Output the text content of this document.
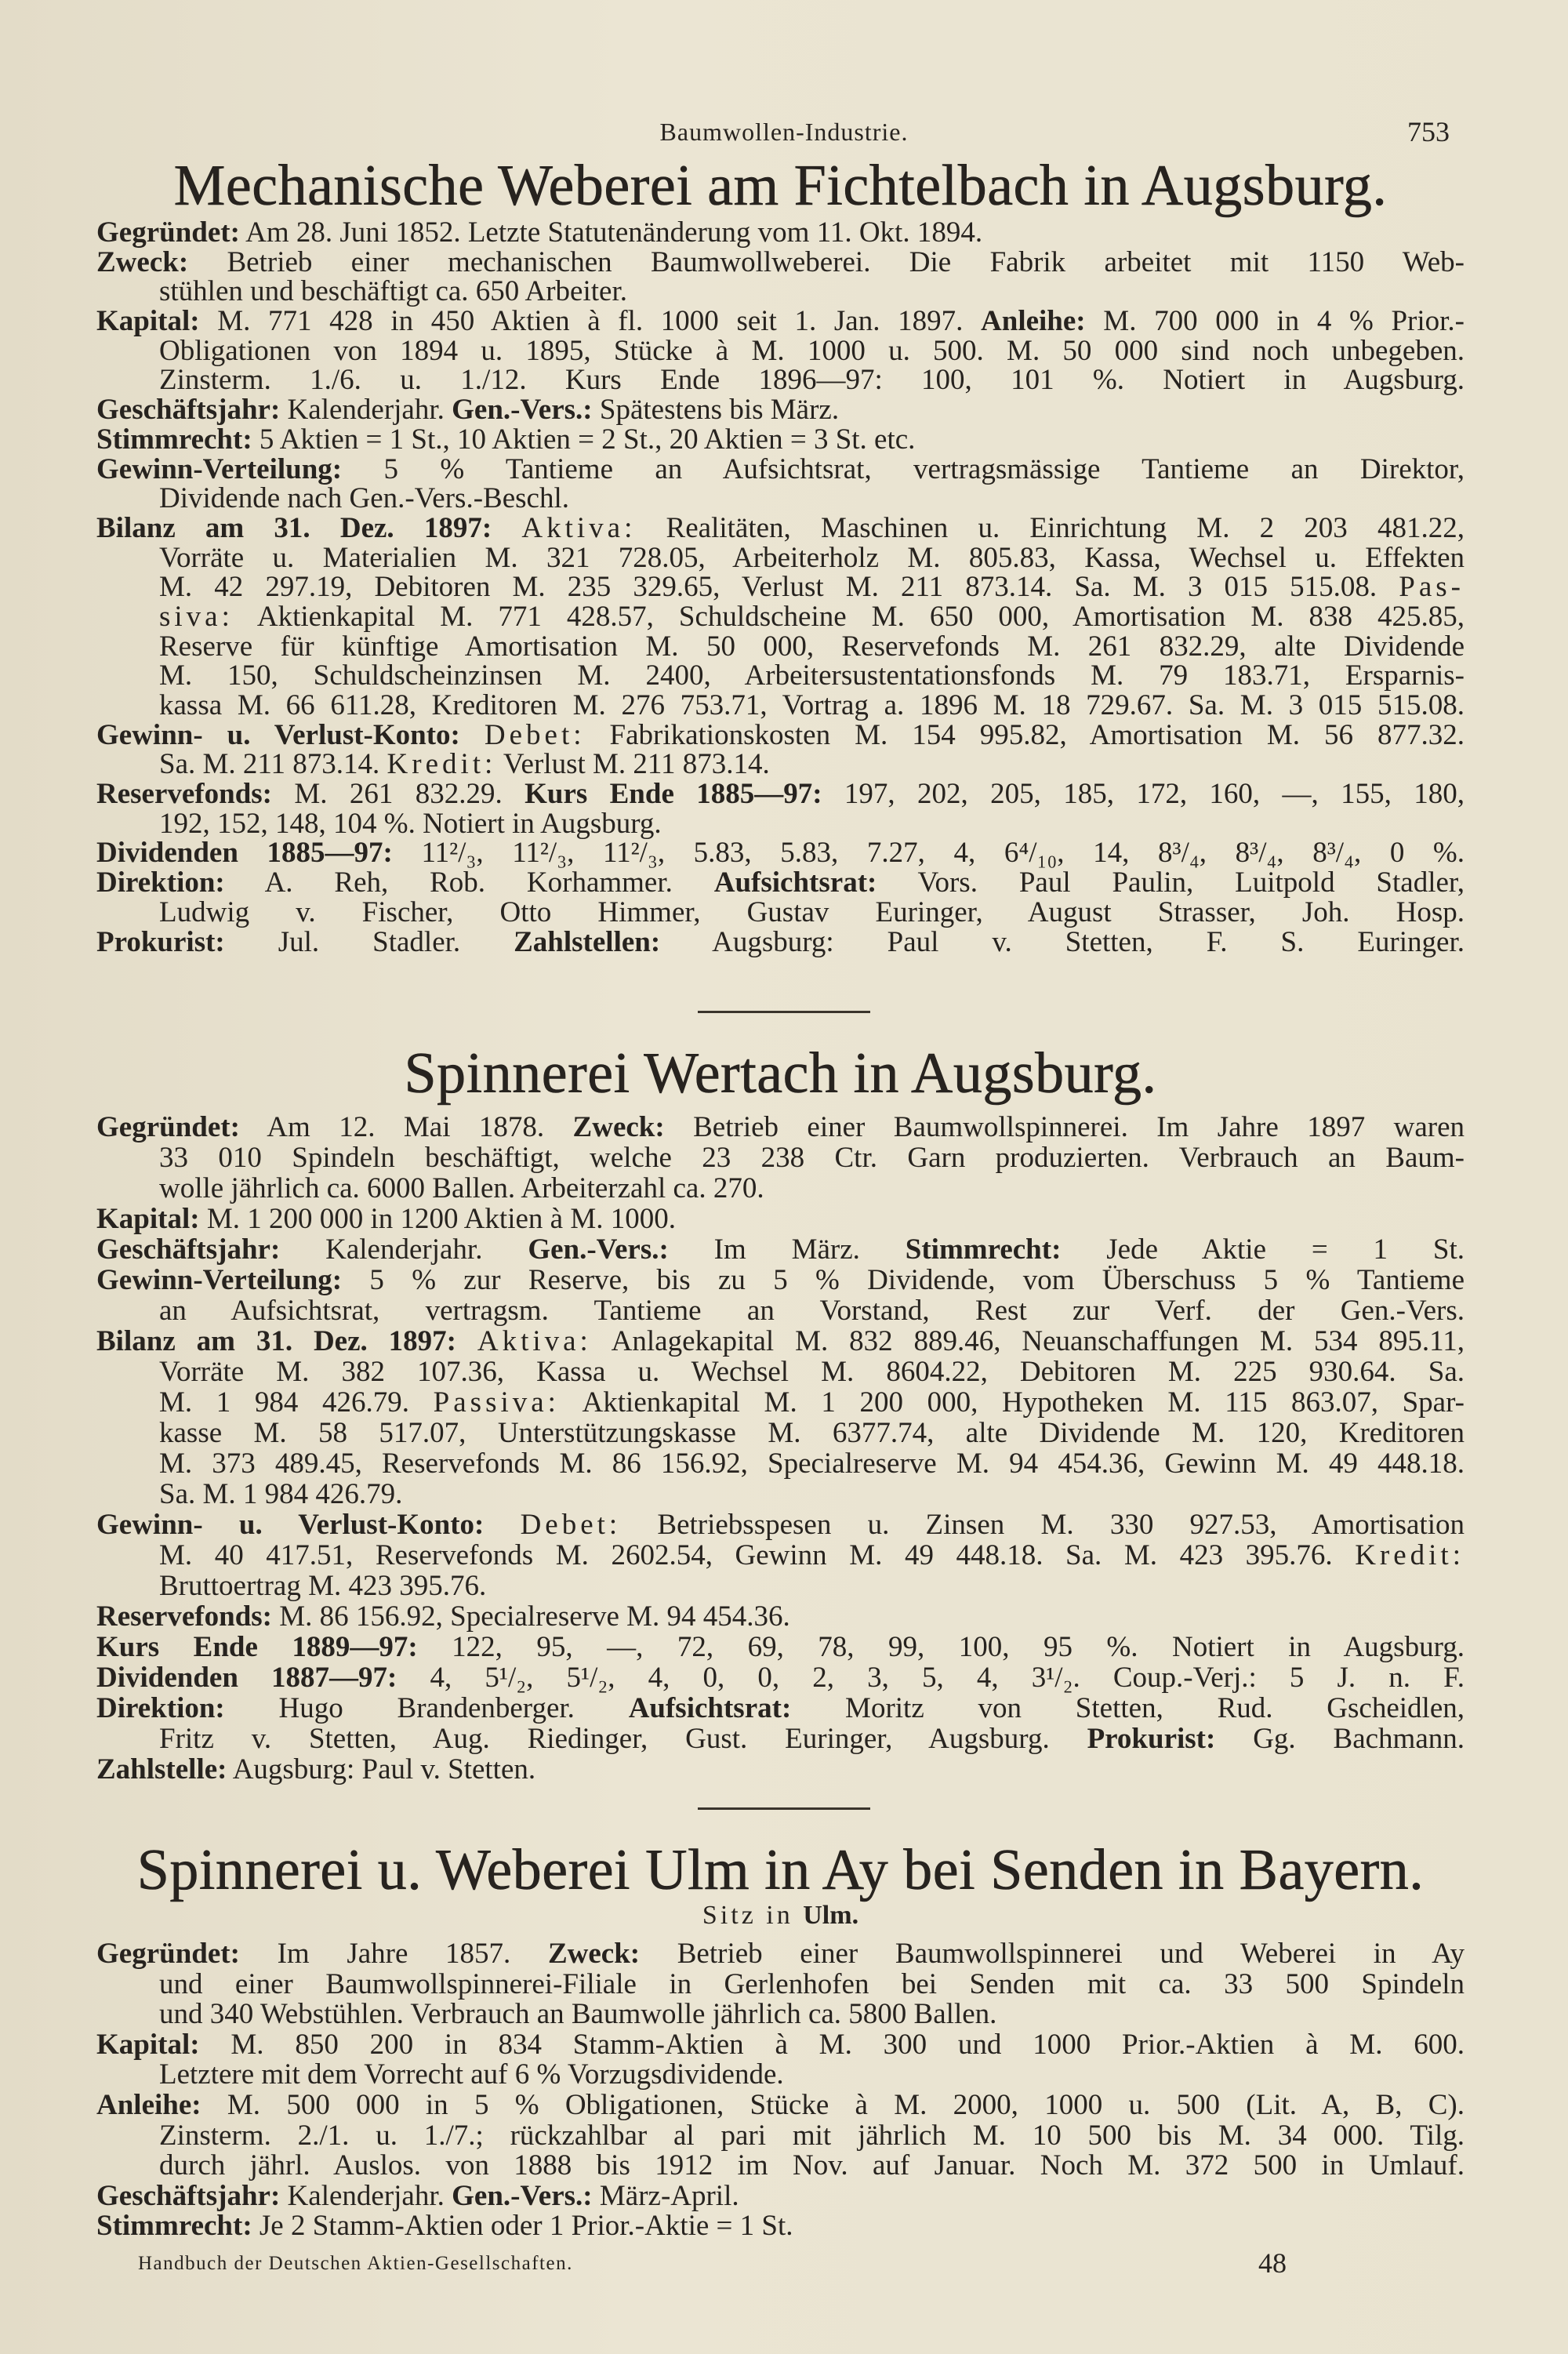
Baumwollen-Industrie.	753
Mechanische Weberei am Fichtelbach in Augsburg.
Gegründet: Am 28. Juni 1852. Letzte Statutenänderung vom 11. Okt. 1894.
Zweck: Betrieb einer mechanischen Baumwollweberei. Die Fabrik arbeitet mit 1150 Web-
stühlen und beschäftigt ca. 650 Arbeiter.
Kapital: M. 771 428 in 450 Aktien à fl. 1000 seit 1. Jan. 1897. Anleihe: M. 700 000 in 4 % Prior.-
Obligationen von 1894 u. 1895, Stücke à M. 1000 u. 500. M. 50 000 sind noch unbegeben.
Zinsterm. 1./6. u. 1./12. Kurs Ende 1896—97: 100, 101 %. Notiert in Augsburg.
Geschäftsjahr: Kalenderjahr. Gen.-Vers.: Spätestens bis März.
Stimmrecht: 5 Aktien = 1 St., 10 Aktien = 2 St., 20 Aktien = 3 St. etc.
Gewinn-Verteilung: 5 % Tantieme an Aufsichtsrat, vertragsmässige Tantieme an Direktor,
Dividende nach Gen.-Vers.-Beschl.
Bilanz am 31. Dez. 1897: Aktiva: Realitäten, Maschinen u. Einrichtung M. 2 203 481.22,
Vorräte u. Materialien M. 321 728.05, Arbeiterholz M. 805.83, Kassa, Wechsel u. Effekten
M. 42 297.19, Debitoren M. 235 329.65, Verlust M. 211 873.14. Sa. M. 3 015 515.08. Pas-
siva: Aktienkapital M. 771 428.57, Schuldscheine M. 650 000, Amortisation M. 838 425.85,
Reserve für künftige Amortisation M. 50 000, Reservefonds M. 261 832.29, alte Dividende
M. 150, Schuldscheinzinsen M. 2400, Arbeitersustentationsfonds M. 79 183.71, Ersparnis-
kassa M. 66 611.28, Kreditoren M. 276 753.71, Vortrag a. 1896 M. 18 729.67. Sa. M. 3 015 515.08.
Gewinn- u. Verlust-Konto: Debet: Fabrikationskosten M. 154 995.82, Amortisation M. 56 877.32.
Sa. M. 211 873.14. Kredit: Verlust M. 211 873.14.
Reservefonds: M. 261 832.29. Kurs Ende 1885—97: 197, 202, 205, 185, 172, 160, —, 155, 180,
192, 152, 148, 104 %. Notiert in Augsburg.
Dividenden 1885—97: 11²/₃, 11²/₃, 11²/₃, 5.83, 5.83, 7.27, 4, 6⁴/₁₀, 14, 8³/₄, 8³/₄, 8³/₄, 0 %.
Direktion: A. Reh, Rob. Korhammer. Aufsichtsrat: Vors. Paul Paulin, Luitpold Stadler,
Ludwig v. Fischer, Otto Himmer, Gustav Euringer, August Strasser, Joh. Hosp.
Prokurist: Jul. Stadler. Zahlstellen: Augsburg: Paul v. Stetten, F. S. Euringer.
Spinnerei Wertach in Augsburg.
Gegründet: Am 12. Mai 1878. Zweck: Betrieb einer Baumwollspinnerei. Im Jahre 1897 waren
33 010 Spindeln beschäftigt, welche 23 238 Ctr. Garn produzierten. Verbrauch an Baum-
wolle jährlich ca. 6000 Ballen. Arbeiterzahl ca. 270.
Kapital: M. 1 200 000 in 1200 Aktien à M. 1000.
Geschäftsjahr: Kalenderjahr. Gen.-Vers.: Im März. Stimmrecht: Jede Aktie = 1 St.
Gewinn-Verteilung: 5 % zur Reserve, bis zu 5 % Dividende, vom Überschuss 5 % Tantieme
an Aufsichtsrat, vertragsm. Tantieme an Vorstand, Rest zur Verf. der Gen.-Vers.
Bilanz am 31. Dez. 1897: Aktiva: Anlagekapital M. 832 889.46, Neuanschaffungen M. 534 895.11,
Vorräte M. 382 107.36, Kassa u. Wechsel M. 8604.22, Debitoren M. 225 930.64. Sa.
M. 1 984 426.79. Passiva: Aktienkapital M. 1 200 000, Hypotheken M. 115 863.07, Spar-
kasse M. 58 517.07, Unterstützungskasse M. 6377.74, alte Dividende M. 120, Kreditoren
M. 373 489.45, Reservefonds M. 86 156.92, Specialreserve M. 94 454.36, Gewinn M. 49 448.18.
Sa. M. 1 984 426.79.
Gewinn- u. Verlust-Konto: Debet: Betriebsspesen u. Zinsen M. 330 927.53, Amortisation
M. 40 417.51, Reservefonds M. 2602.54, Gewinn M. 49 448.18. Sa. M. 423 395.76. Kredit:
Bruttoertrag M. 423 395.76.
Reservefonds: M. 86 156.92, Specialreserve M. 94 454.36.
Kurs Ende 1889—97: 122, 95, —, 72, 69, 78, 99, 100, 95 %. Notiert in Augsburg.
Dividenden 1887—97: 4, 5¹/₂, 5¹/₂, 4, 0, 0, 2, 3, 5, 4, 3¹/₂. Coup.-Verj.: 5 J. n. F.
Direktion: Hugo Brandenberger. Aufsichtsrat: Moritz von Stetten, Rud. Gscheidlen,
Fritz v. Stetten, Aug. Riedinger, Gust. Euringer, Augsburg. Prokurist: Gg. Bachmann.
Zahlstelle: Augsburg: Paul v. Stetten.
Spinnerei u. Weberei Ulm in Ay bei Senden in Bayern.
Sitz in Ulm.
Gegründet: Im Jahre 1857. Zweck: Betrieb einer Baumwollspinnerei und Weberei in Ay
und einer Baumwollspinnerei-Filiale in Gerlenhofen bei Senden mit ca. 33 500 Spindeln
und 340 Webstühlen. Verbrauch an Baumwolle jährlich ca. 5800 Ballen.
Kapital: M. 850 200 in 834 Stamm-Aktien à M. 300 und 1000 Prior.-Aktien à M. 600.
Letztere mit dem Vorrecht auf 6 % Vorzugsdividende.
Anleihe: M. 500 000 in 5 % Obligationen, Stücke à M. 2000, 1000 u. 500 (Lit. A, B, C).
Zinsterm. 2./1. u. 1./7.; rückzahlbar al pari mit jährlich M. 10 500 bis M. 34 000. Tilg.
durch jährl. Auslos. von 1888 bis 1912 im Nov. auf Januar. Noch M. 372 500 in Umlauf.
Geschäftsjahr: Kalenderjahr. Gen.-Vers.: März-April.
Stimmrecht: Je 2 Stamm-Aktien oder 1 Prior.-Aktie = 1 St.
Handbuch der Deutschen Aktien-Gesellschaften.	48
